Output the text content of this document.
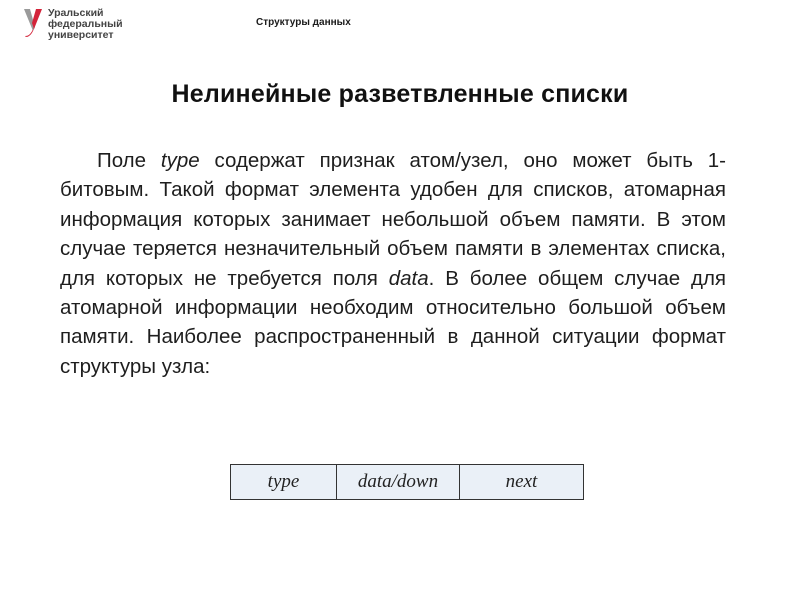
Уральский
федеральный
университет
Структуры данных
Нелинейные разветвленные списки

Поле type содержат признак атом/узел, оно может быть 1-битовым. Такой формат элемента удобен для списков, атомарная информация которых занимает небольшой объем памяти. В этом случае теряется незначительный объем памяти в элементах списка, для которых не требуется поля data. В более общем случае для атомарной информации необходим относительно большой объем памяти. Наиболее распространенный в данной ситуации формат структуры узла:

type	data/down	next
